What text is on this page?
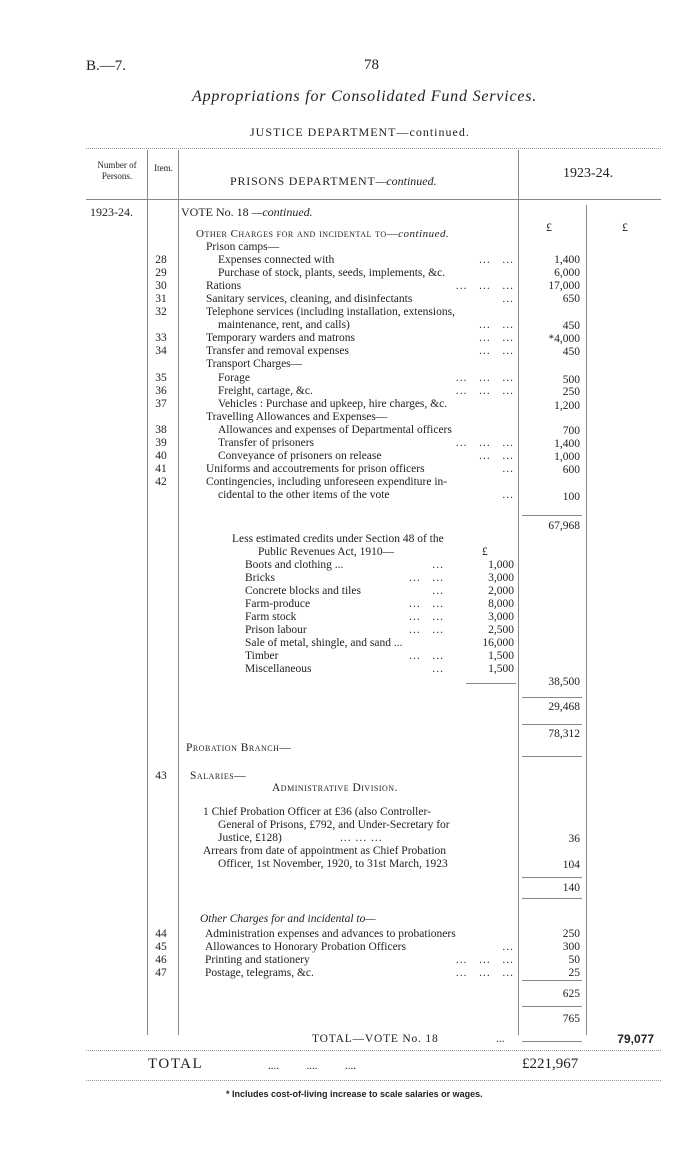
B.—7.	78
Appropriations for Consolidated Fund Services.
JUSTICE DEPARTMENT—continued.
Number of Persons.
Item.
PRISONS DEPARTMENT—continued.	1923-24.
1923-24.	VOTE No. 18 —continued.
£	£
Other Charges for and incidental to—continued.
Prison camps—
28	Expenses connected with	...   ...	1,400
29	Purchase of stock, plants, seeds, implements, &c.	6,000
30	Rations	...   ...   ...	17,000
31	Sanitary services, cleaning, and disinfectants	...	650
32	Telephone services (including installation, extensions,
maintenance, rent, and calls)	...   ...	450
33	Temporary warders and matrons	...   ...	*4,000
34	Transfer and removal expenses	...   ...	450
Transport Charges—
35	Forage	...   ...   ...	500
36	Freight, cartage, &c.	...   ...   ...	250
37	Vehicles : Purchase and upkeep, hire charges, &c.	1,200
Travelling Allowances and Expenses—
38	Allowances and expenses of Departmental officers	700
39	Transfer of prisoners	...   ...   ...	1,400
40	Conveyance of prisoners on release	...   ...	1,000
41	Uniforms and accoutrements for prison officers	...	600
42	Contingencies, including unforeseen expenditure in-
cidental to the other items of the vote	...	100
67,968
Less estimated credits under Section 48 of the
Public Revenues Act, 1910—	£
Boots and clothing ...	...	1,000
Bricks	...   ...	3,000
Concrete blocks and tiles	...	2,000
Farm-produce	...   ...	8,000
Farm stock	...   ...	3,000
Prison labour	...   ...	2,500
Sale of metal, shingle, and sand ...	16,000
Timber	...   ...	1,500
Miscellaneous	...	1,500
38,500
29,468
78,312
Probation Branch—
43	Salaries—
Administrative Division.
1 Chief Probation Officer at £36 (also Controller-
General of Prisons, £792, and Under-Secretary for
Justice, £128)	... ... ...	36
Arrears from date of appointment as Chief Probation
Officer, 1st November, 1920, to 31st March, 1923	104
140
Other Charges for and incidental to—
44	Administration expenses and advances to probationers	250
45	Allowances to Honorary Probation Officers	...	300
46	Printing and stationery	...   ...   ...	50
47	Postage, telegrams, &c.	...   ...   ...	25
625
765
TOTAL—VOTE No. 18	...	79,077
TOTAL	....          ....          ....	£221,967
* Includes cost-of-living increase to scale salaries or wages.
